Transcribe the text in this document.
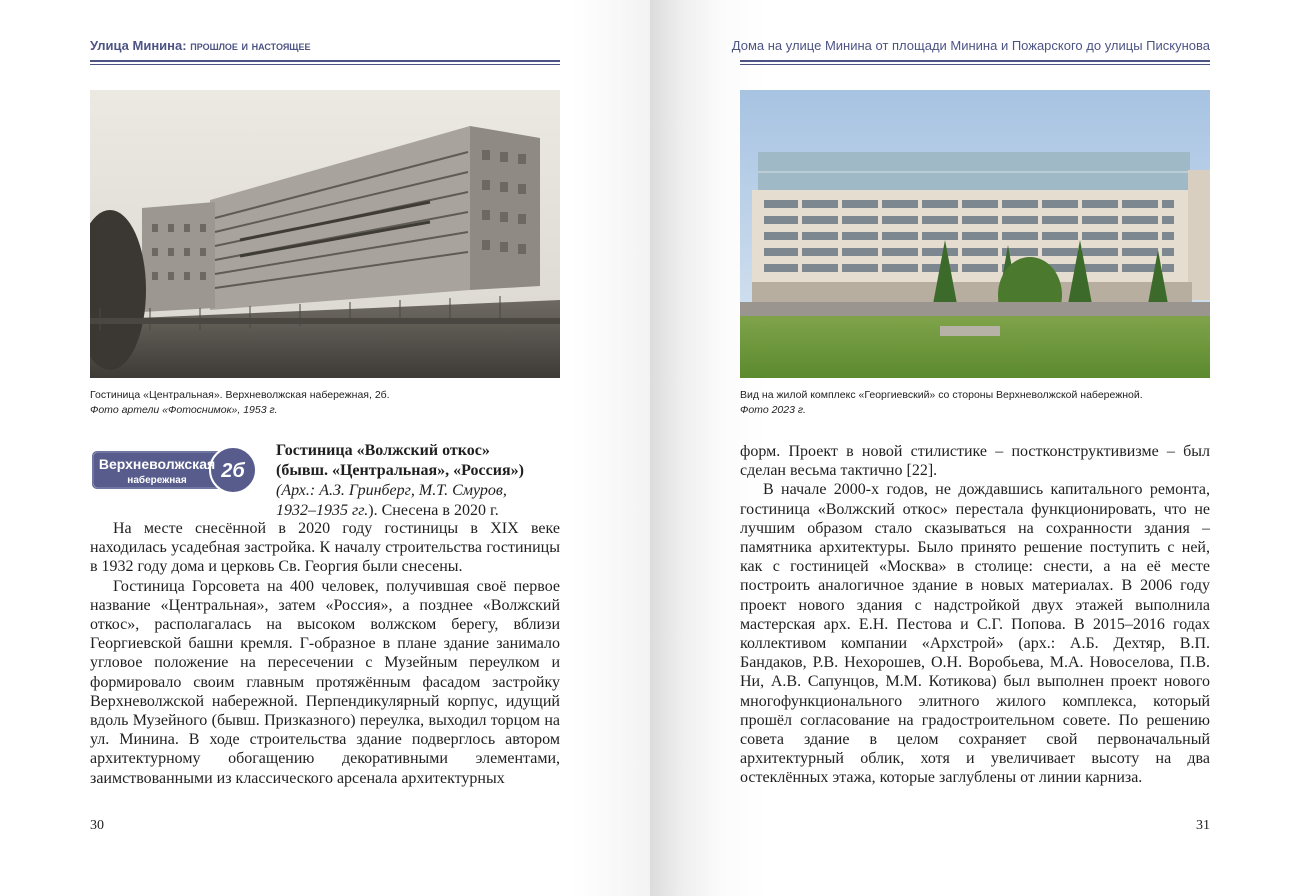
Улица Минина: прошлое и настоящее
Гостиница «Центральная». Верхневолжская набережная, 2б.
Фото артели «Фотоснимок», 1953 г.
Верхневолжская
набережная 2б
Гостиница «Волжский откос»
(бывш. «Центральная», «Россия»)
(Арх.: А.З. Гринберг, М.Т. Смуров,

1932–1935 гг.). Снесена в 2020 г.

На месте снесённой в 2020 году гостиницы в XIX веке находилась усадебная застройка. К началу строительства гостиницы в 1932 году дома и церковь Св. Георгия были снесены.

Гостиница Горсовета на 400 человек, получившая своё первое название «Центральная», затем «Россия», а позднее «Волжский откос», располагалась на высоком волжском берегу, вблизи Георгиевской башни кремля. Г-образное в плане здание занимало угловое положение на пересечении с Музейным переулком и формировало своим главным протяжённым фасадом застройку Верхневолжской набережной. Перпендикулярный корпус, идущий вдоль Музейного (бывш. Призказного) переулка, выходил торцом на ул. Минина. В ходе строительства здание подверглось автором архитектурному обогащению декоративными элементами, заимствованными из классического арсенала архитектурных

30
Дома на улице Минина от площади Минина и Пожарского до улицы Пискунова
Вид на жилой комплекс «Георгиевский» со стороны Верхневолжской набережной.
Фото 2023 г.

форм. Проект в новой стилистике – постконструктивизме – был сделан весьма тактично [22].

В начале 2000-х годов, не дождавшись капитального ремонта, гостиница «Волжский откос» перестала функционировать, что не лучшим образом стало сказываться на сохранности здания – памятника архитектуры. Было принято решение поступить с ней, как с гостиницей «Москва» в столице: снести, а на её месте построить аналогичное здание в новых материалах. В 2006 году проект нового здания с надстройкой двух этажей выполнила мастерская арх. Е.Н. Пестова и С.Г. Попова. В 2015–2016 годах коллективом компании «Архстрой» (арх.: А.Б. Дехтяр, В.П. Бандаков, Р.В. Нехорошев, О.Н. Воробьева, М.А. Новоселова, П.В. Ни, А.В. Сапунцов, М.М. Котикова) был выполнен проект нового многофункционального элитного жилого комплекса, который прошёл согласование на градостроительном совете. По решению совета здание в целом сохраняет свой первоначальный архитектурный облик, хотя и увеличивает высоту на два остеклённых этажа, которые заглублены от линии карниза.

31
